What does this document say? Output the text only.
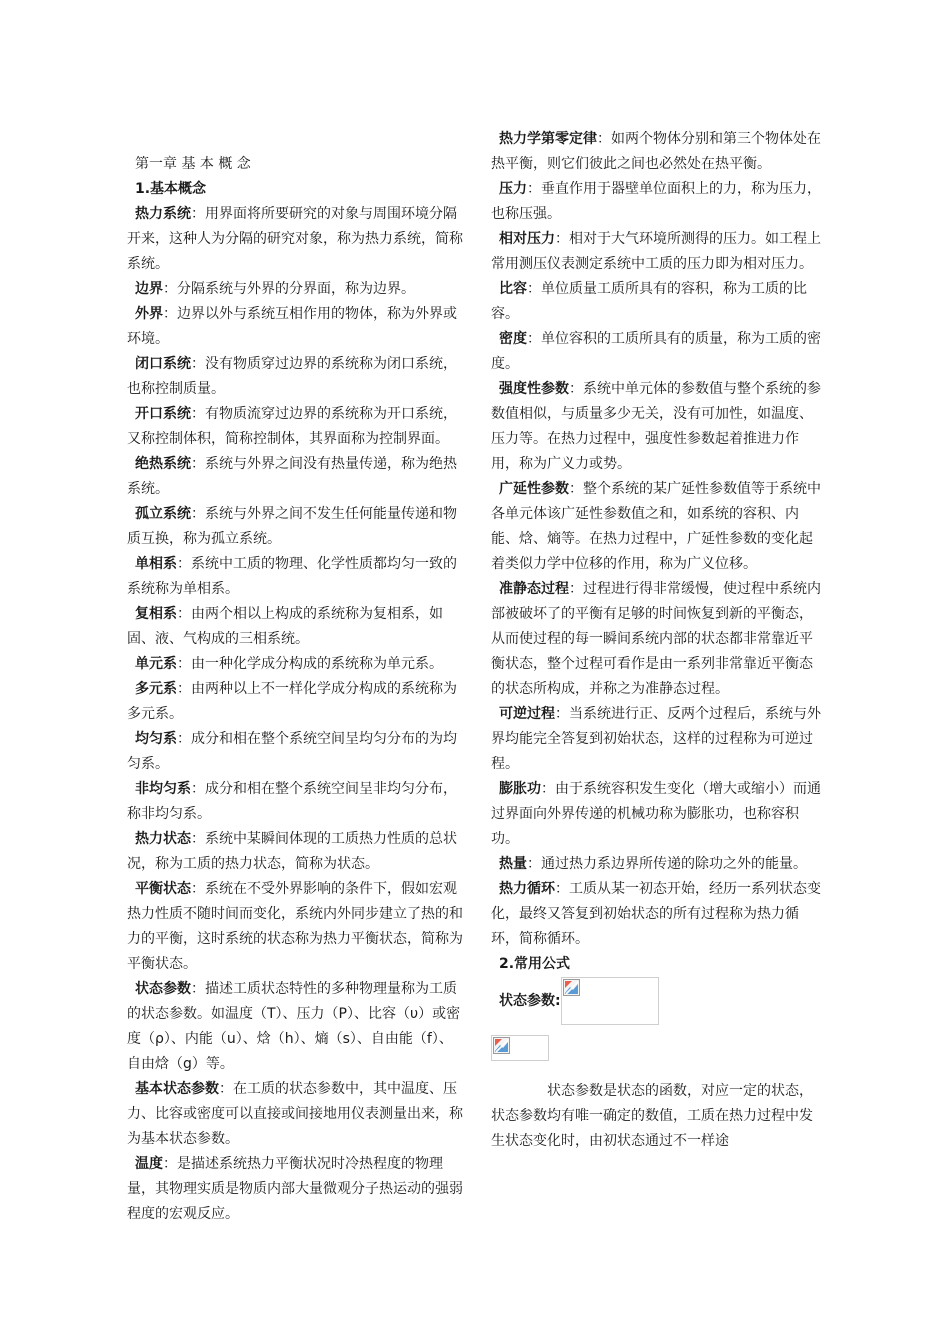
第一章 基 本 概 念

1.基本概念

热力系统：用界面将所要研究的对象与周围环境分隔开来，这种人为分隔的研究对象，称为热力系统，简称系统。

边界：分隔系统与外界的分界面，称为边界。

外界：边界以外与系统互相作用的物体，称为外界或环境。

闭口系统：没有物质穿过边界的系统称为闭口系统，也称控制质量。

开口系统：有物质流穿过边界的系统称为开口系统，又称控制体积，简称控制体，其界面称为控制界面。

绝热系统：系统与外界之间没有热量传递，称为绝热系统。

孤立系统：系统与外界之间不发生任何能量传递和物质互换，称为孤立系统。

单相系：系统中工质的物理、化学性质都均匀一致的系统称为单相系。

复相系：由两个相以上构成的系统称为复相系，如固、液、气构成的三相系统。

单元系：由一种化学成分构成的系统称为单元系。

多元系：由两种以上不一样化学成分构成的系统称为多元系。

均匀系：成分和相在整个系统空间呈均匀分布的为均匀系。

非均匀系：成分和相在整个系统空间呈非均匀分布，称非均匀系。

热力状态：系统中某瞬间体现的工质热力性质的总状况，称为工质的热力状态，简称为状态。

平衡状态：系统在不受外界影响的条件下，假如宏观热力性质不随时间而变化，系统内外同步建立了热的和力的平衡，这时系统的状态称为热力平衡状态，简称为平衡状态。

状态参数：描述工质状态特性的多种物理量称为工质的状态参数。如温度（T）、压力（P）、比容（υ）或密度（ρ）、内能（u）、焓（h）、熵（s）、自由能（f）、自由焓（g）等。

基本状态参数：在工质的状态参数中，其中温度、压力、比容或密度可以直接或间接地用仪表测量出来，称为基本状态参数。

温度：是描述系统热力平衡状况时冷热程度的物理量，其物理实质是物质内部大量微观分子热运动的强弱程度的宏观反应。

热力学第零定律：如两个物体分别和第三个物体处在热平衡，则它们彼此之间也必然处在热平衡。

压力：垂直作用于器壁单位面积上的力，称为压力，也称压强。

相对压力：相对于大气环境所测得的压力。如工程上常用测压仪表测定系统中工质的压力即为相对压力。

比容：单位质量工质所具有的容积，称为工质的比容。

密度：单位容积的工质所具有的质量，称为工质的密度。

强度性参数：系统中单元体的参数值与整个系统的参数值相似，与质量多少无关，没有可加性，如温度、压力等。在热力过程中，强度性参数起着推进力作用，称为广义力或势。

广延性参数：整个系统的某广延性参数值等于系统中各单元体该广延性参数值之和，如系统的容积、内能、焓、熵等。在热力过程中，广延性参数的变化起着类似力学中位移的作用，称为广义位移。

准静态过程：过程进行得非常缓慢，使过程中系统内部被破坏了的平衡有足够的时间恢复到新的平衡态，从而使过程的每一瞬间系统内部的状态都非常靠近平衡状态，整个过程可看作是由一系列非常靠近平衡态的状态所构成，并称之为准静态过程。

可逆过程：当系统进行正、反两个过程后，系统与外界均能完全答复到初始状态，这样的过程称为可逆过程。

膨胀功：由于系统容积发生变化（增大或缩小）而通过界面向外界传递的机械功称为膨胀功，也称容积功。

热量：通过热力系边界所传递的除功之外的能量。

热力循环：工质从某一初态开始，经历一系列状态变化，最终又答复到初始状态的所有过程称为热力循环，简称循环。

2.常用公式

状态参数:

状态参数是状态的函数，对应一定的状态，状态参数均有唯一确定的数值，工质在热力过程中发生状态变化时，由初状态通过不一样途
